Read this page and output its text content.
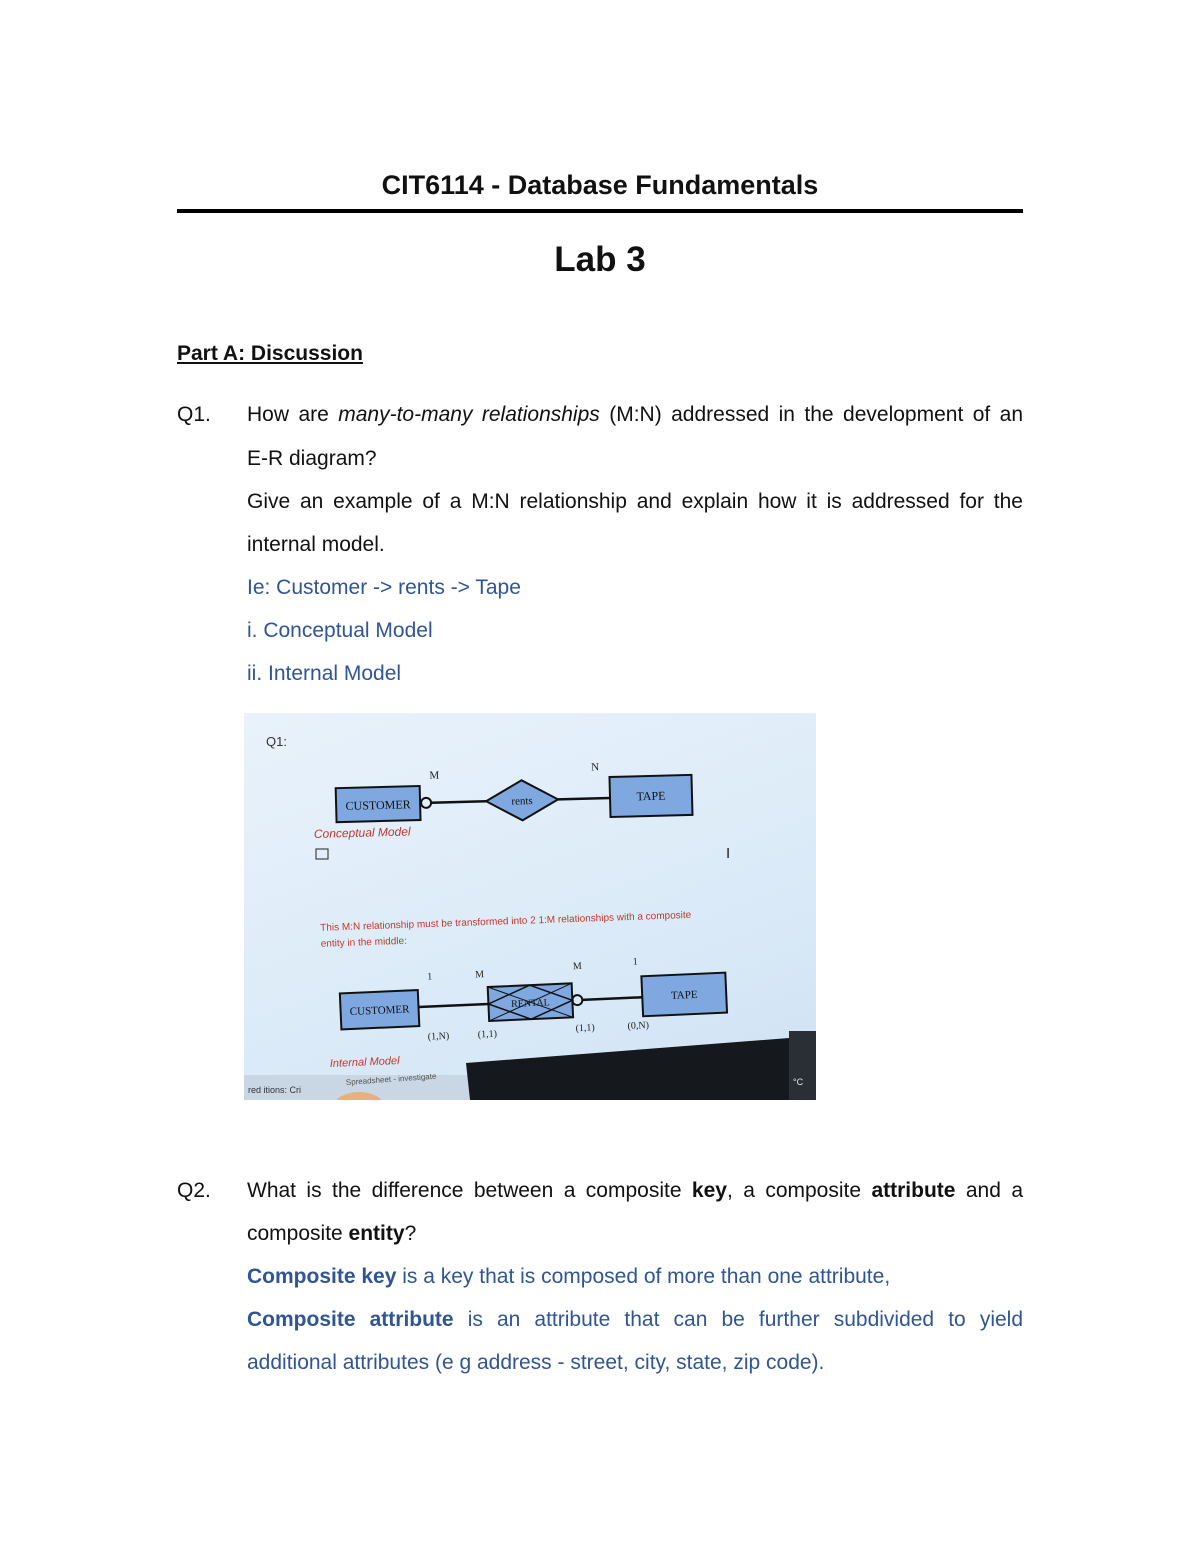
CIT6114 - Database Fundamentals
Lab 3
Part A: Discussion
Q1. How are many-to-many relationships (M:N) addressed in the development of an
E-R diagram?
Give an example of a M:N relationship and explain how it is addressed for the
internal model.
Ie: Customer -> rents -> Tape
i. Conceptual Model
ii. Internal Model
Q1:
CUSTOMER	rents	TAPE
M
N
Conceptual Model
I
This M:N relationship must be transformed into 2 1:M relationships with a composite
entity in the middle:
CUSTOMER	RENTAL
TAPE
1	M
M	1
(1,N)	(1,1)
(1,1)	(0,N)
Internal Model
red itions: Cri
Spreadsheet - investigate	°C
Q2. What is the difference between a composite key, a composite attribute and a
composite entity?
Composite key is a key that is composed of more than one attribute,
Composite attribute is an attribute that can be further subdivided to yield
additional attributes (e g address - street, city, state, zip code).
